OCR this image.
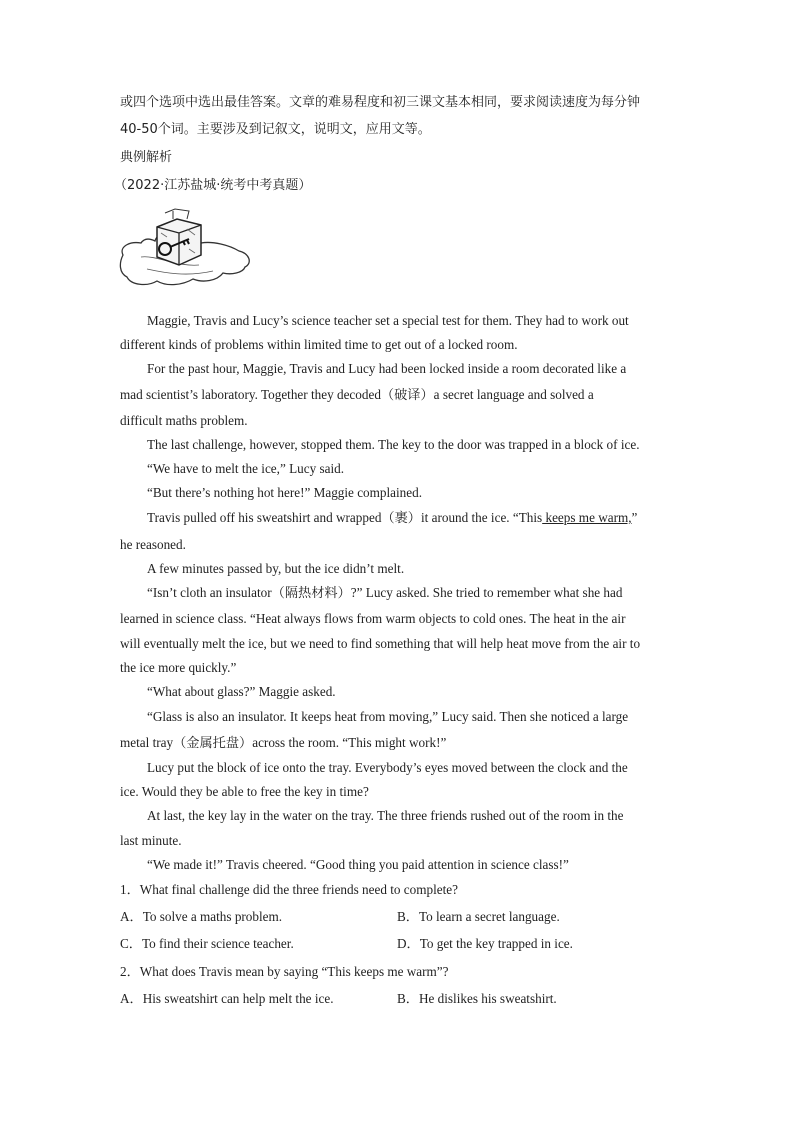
或四个选项中选出最佳答案。文章的难易程度和初三课文基本相同，要求阅读速度为每分钟
40-50个词。主要涉及到记叙文，说明文，应用文等。
典例解析
（2022·江苏盐城·统考中考真题）
Maggie, Travis and Lucy’s science teacher set a special test for them. They had to work out
different kinds of problems within limited time to get out of a locked room.
For the past hour, Maggie, Travis and Lucy had been locked inside a room decorated like a
mad scientist’s laboratory. Together they decoded（破译）a secret language and solved a
difficult maths problem.
The last challenge, however, stopped them. The key to the door was trapped in a block of ice.
“We have to melt the ice,” Lucy said.
“But there’s nothing hot here!” Maggie complained.
Travis pulled off his sweatshirt and wrapped（裹）it around the ice. “This keeps me warm,”
he reasoned.
A few minutes passed by, but the ice didn’t melt.
“Isn’t cloth an insulator（隔热材料）?” Lucy asked. She tried to remember what she had
learned in science class. “Heat always flows from warm objects to cold ones. The heat in the air
will eventually melt the ice, but we need to find something that will help heat move from the air to
the ice more quickly.”
“What about glass?” Maggie asked.
“Glass is also an insulator. It keeps heat from moving,” Lucy said. Then she noticed a large
metal tray（金属托盘）across the room. “This might work!”
Lucy put the block of ice onto the tray. Everybody’s eyes moved between the clock and the
ice. Would they be able to free the key in time?
At last, the key lay in the water on the tray. The three friends rushed out of the room in the
last minute.
“We made it!” Travis cheered. “Good thing you paid attention in science class!”
1．What final challenge did the three friends need to complete?
A．To solve a maths problem.	B．To learn a secret language.
C．To find their science teacher.	D．To get the key trapped in ice.
2．What does Travis mean by saying “This keeps me warm”?
A．His sweatshirt can help melt the ice.	B．He dislikes his sweatshirt.
